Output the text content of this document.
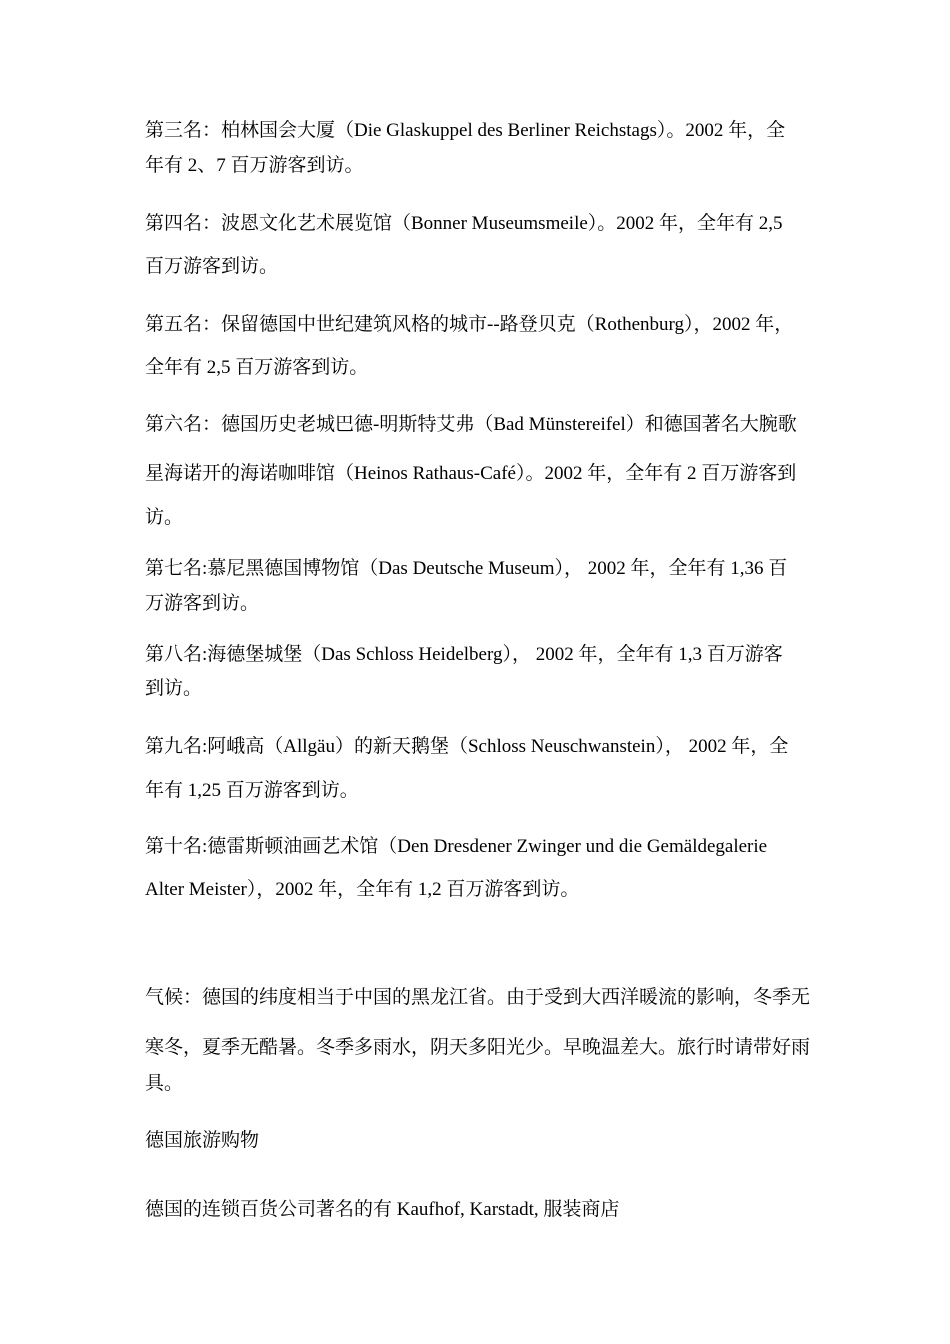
第三名：柏林国会大厦（Die Glaskuppel des Berliner Reichstags）。2002 年，全
年有 2、7 百万游客到访。
第四名：波恩文化艺术展览馆（Bonner Museumsmeile）。2002 年，全年有 2,5
百万游客到访。
第五名：保留德国中世纪建筑风格的城市--路登贝克（Rothenburg），2002 年，
全年有 2,5 百万游客到访。
第六名：德国历史老城巴德-明斯特艾弗（Bad Münstereifel）和德国著名大腕歌
星海诺开的海诺咖啡馆（Heinos Rathaus-Café）。2002 年，全年有 2 百万游客到
访。
第七名:慕尼黑德国博物馆（Das Deutsche Museum）， 2002 年，全年有 1,36 百
万游客到访。
第八名:海德堡城堡（Das Schloss Heidelberg）， 2002 年，全年有 1,3 百万游客
到访。
第九名:阿峨高（Allgäu）的新天鹅堡（Schloss Neuschwanstein）， 2002 年，全
年有 1,25 百万游客到访。
第十名:德雷斯顿油画艺术馆（Den Dresdener Zwinger und die Gemäldegalerie
Alter Meister），2002 年，全年有 1,2 百万游客到访。
气候：德国的纬度相当于中国的黑龙江省。由于受到大西洋暖流的影响，冬季无
寒冬，夏季无酷暑。冬季多雨水，阴天多阳光少。早晚温差大。旅行时请带好雨
具。
德国旅游购物
德国的连锁百货公司著名的有 Kaufhof, Karstadt, 服装商店
